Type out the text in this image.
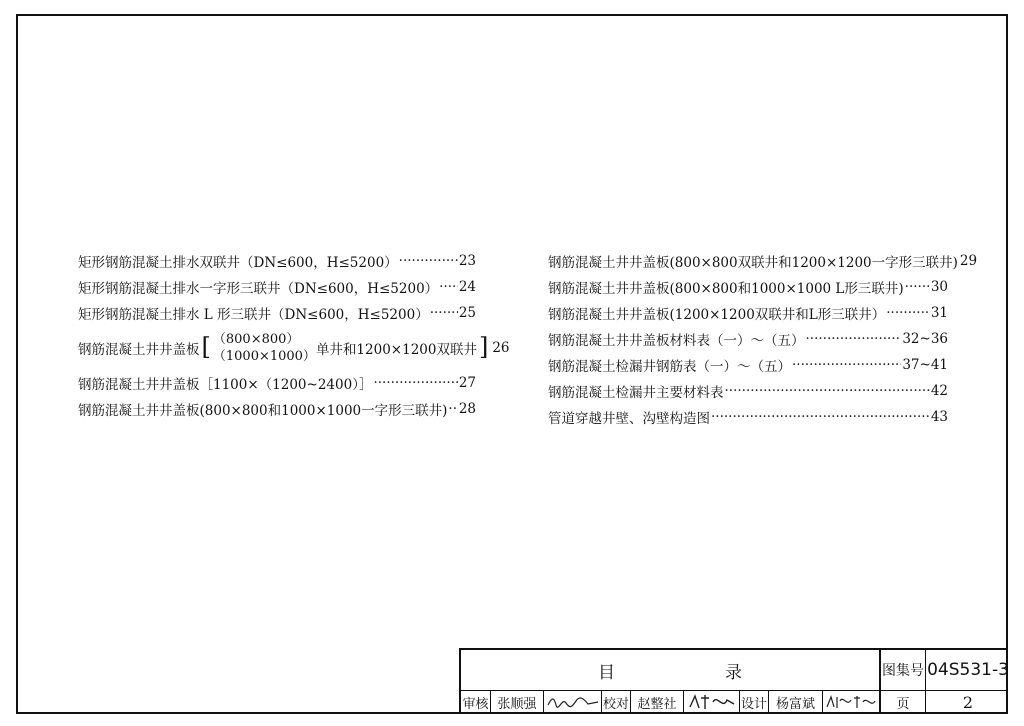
矩形钢筋混凝土排水双联井（DN≤600，H≤5200） ·····	23
矩形钢筋混凝土排水一字形三联井（DN≤600，H≤5200） ····· 24
矩形钢筋混凝土排水 L 形三联井（DN≤600，H≤5200） ····· 25
钢筋混凝土井井盖板 [ （800×800）
（1000×1000） 单井和1200×1200双联井 ] 26
钢筋混凝土井井盖板［1100×（1200~2400）］ ·····	27
钢筋混凝土井井盖板(800×800和1000×1000一字形三联井) ····· 28
钢筋混凝土井井盖板(800×800双联井和1200×1200一字形三联井) 29
钢筋混凝土井井盖板(800×800和1000×1000 L形三联井) ····· 30
钢筋混凝土井井盖板(1200×1200双联井和L形三联井） ·····	31
钢筋混凝土井井盖板材料表（一）～（五） ·····	32~36
钢筋混凝土检漏井钢筋表（一）～（五） ·····	37~41
钢筋混凝土检漏井主要材料表 ·····	42
管道穿越井壁、沟壁构造图 ·····	43
目	录	图集号 04S531-3
审核 张顺强	校对 赵整社	设计 杨富斌	页	2
